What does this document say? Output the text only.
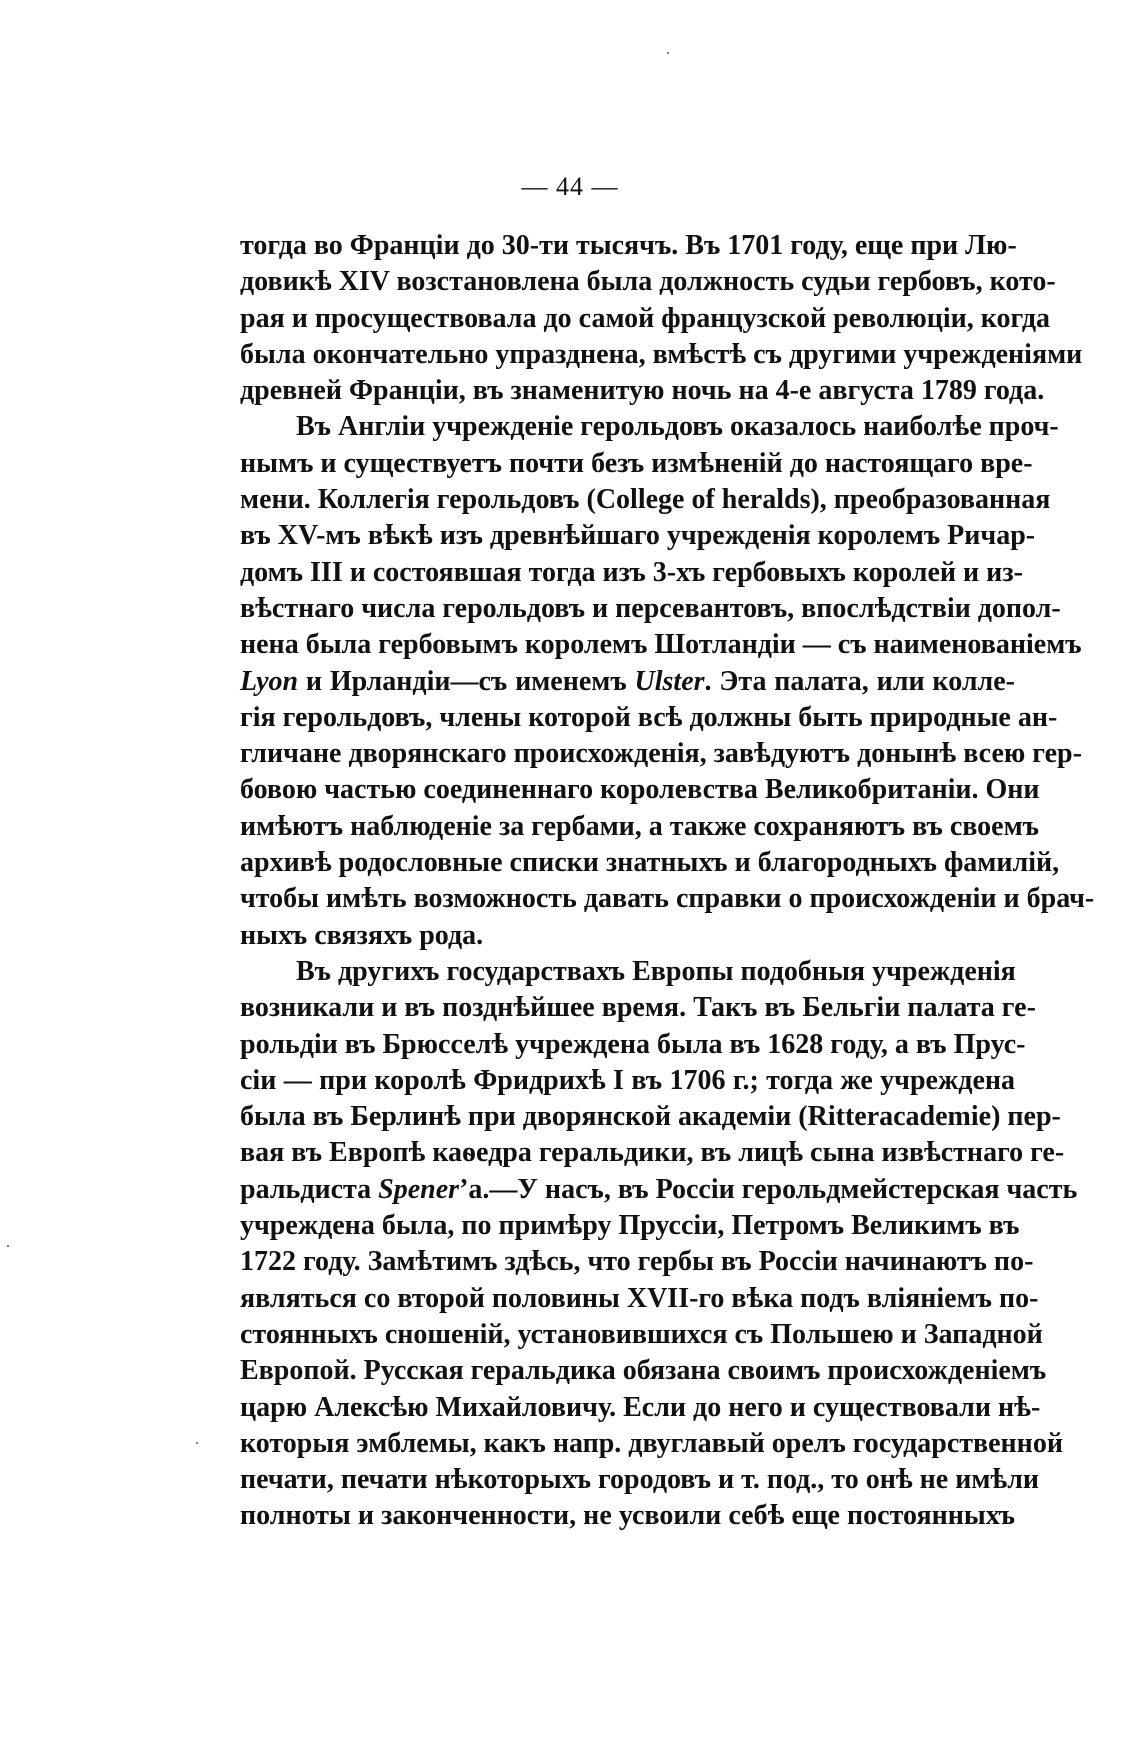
— 44 —

тогда во Франціи до 30-ти тысячъ. Въ 1701 году, еще при Лю-
довикѣ XIV возстановлена была должность судьи гербовъ, кото-
рая и просуществовала до самой французской революціи, когда
была окончательно упразднена, вмѣстѣ съ другими учрежденіями
древней Франціи, въ знаменитую ночь на 4-е августа 1789 года.

Въ Англіи учрежденіе герольдовъ оказалось наиболѣе проч-
нымъ и существуетъ почти безъ измѣненій до настоящаго вре-
мени. Коллегія герольдовъ (College of heralds), преобразованная
въ XV-мъ вѣкѣ изъ древнѣйшаго учрежденія королемъ Ричар-
домъ III и состоявшая тогда изъ 3-хъ гербовыхъ королей и из-
вѣстнаго числа герольдовъ и персевантовъ, впослѣдствіи допол-
нена была гербовымъ королемъ Шотландіи — съ наименованіемъ
Lyon и Ирландіи—съ именемъ Ulster. Эта палата, или колле-
гія герольдовъ, члены которой всѣ должны быть природные ан-
гличане дворянскаго происхожденія, завѣдуютъ донынѣ всею гер-
бовою частью соединеннаго королевства Великобританіи. Они
имѣютъ наблюденіе за гербами, а также сохраняютъ въ своемъ
архивѣ родословные списки знатныхъ и благородныхъ фамилій,
чтобы имѣть возможность давать справки о происхожденіи и брач-
ныхъ связяхъ рода.

Въ другихъ государствахъ Европы подобныя учрежденія
возникали и въ позднѣйшее время. Такъ въ Бельгіи палата ге-
рольдіи въ Брюсселѣ учреждена была въ 1628 году, а въ Прус-
сіи — при королѣ Фридрихѣ I въ 1706 г.; тогда же учреждена
была въ Берлинѣ при дворянской академіи (Ritteracademie) пер-
вая въ Европѣ каѳедра геральдики, въ лицѣ сына извѣстнаго ге-
ральдиста Spener’а.—У насъ, въ Россіи герольдмейстерская часть
учреждена была, по примѣру Пруссіи, Петромъ Великимъ въ
1722 году. Замѣтимъ здѣсь, что гербы въ Россіи начинаютъ по-
являться со второй половины XVII-го вѣка подъ вліяніемъ по-
стоянныхъ сношеній, установившихся съ Польшею и Западной
Европой. Русская геральдика обязана своимъ происхожденіемъ
царю Алексѣю Михайловичу. Если до него и существовали нѣ-
которыя эмблемы, какъ напр. двуглавый орелъ государственной
печати, печати нѣкоторыхъ городовъ и т. под., то онѣ не имѣли
полноты и законченности, не усвоили себѣ еще постоянныхъ
